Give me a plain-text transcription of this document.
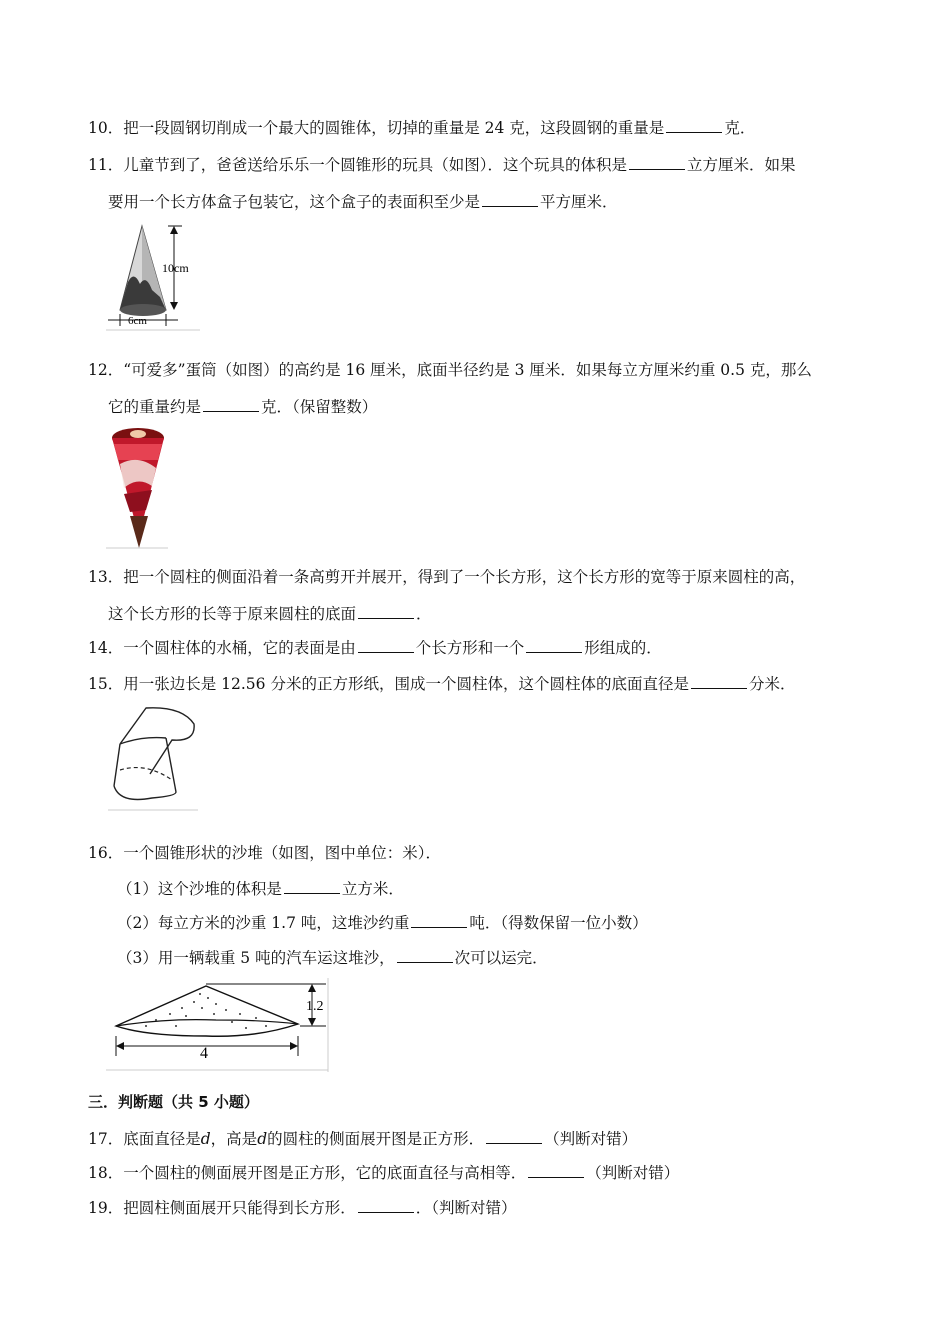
10．把一段圆钢切削成一个最大的圆锥体，切掉的重量是 24 克，这段圆钢的重量是	克．
11．儿童节到了，爸爸送给乐乐一个圆锥形的玩具（如图）．这个玩具的体积是	立方厘米．如果
要用一个长方体盒子包装它，这个盒子的表面积至少是	平方厘米．
10cm
6cm
12．“可爱多”蛋筒（如图）的高约是 16 厘米，底面半径约是 3 厘米．如果每立方厘米约重 0.5 克，那么
它的重量约是	克．（保留整数）
13．把一个圆柱的侧面沿着一条高剪开并展开，得到了一个长方形，这个长方形的宽等于原来圆柱的高，
这个长方形的长等于原来圆柱的底面	．
14．一个圆柱体的水桶，它的表面是由	个长方形和一个	形组成的．
15．用一张边长是 12.56 分米的正方形纸，围成一个圆柱体，这个圆柱体的底面直径是	分米．
16．一个圆锥形状的沙堆（如图，图中单位：米）．
（1）这个沙堆的体积是	立方米．
（2）每立方米的沙重 1.7 吨，这堆沙约重	吨．（得数保留一位小数）
（3）用一辆载重 5 吨的汽车运这堆沙，	次可以运完．
1.2
4
三．判断题（共 5 小题）
17．底面直径是d，高是d的圆柱的侧面展开图是正方形．	（判断对错）
18．一个圆柱的侧面展开图是正方形，它的底面直径与高相等．	（判断对错）
19．把圆柱侧面展开只能得到长方形．	．（判断对错）
